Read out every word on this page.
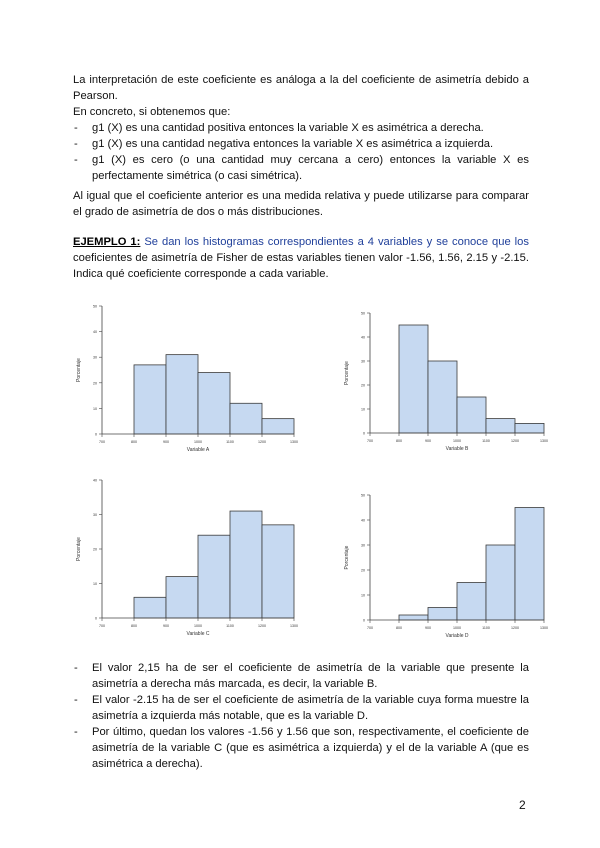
La interpretación de este coeficiente es análoga a la del coeficiente de asimetría debido a Pearson.

En concreto, si obtenemos que:

- g1 (X) es una cantidad positiva entonces la variable X es asimétrica a derecha.
- g1 (X) es una cantidad negativa entonces la variable X es asimétrica a izquierda.
- g1 (X) es cero (o una cantidad muy cercana a cero) entonces la variable X es perfectamente simétrica (o casi simétrica).

Al igual que el coeficiente anterior es una medida relativa y puede utilizarse para comparar el grado de asimetría de dos o más distribuciones.

EJEMPLO 1: Se dan los histogramas correspondientes a 4 variables y se conoce que los coeficientes de asimetría de Fisher de estas variables tienen valor -1.56, 1.56, 2.15 y -2.15. Indica qué coeficiente corresponde a cada variable.

0
10
20
30
40
50
700	800	900	1000	1100	1200	1300
Variable A
Porcentaje
0
10
20
30
40
50
700	800	900	1000	1100	1200	1300
Variable B
Porcentaje
0
10
20
30
40
700	800	900	1000	1100	1200	1300
Variable C
Porcentaje
0
10
20
30
40
50
700	800	900	1000	1100	1200	1300
Variable D
Porcentaje
- El valor 2,15 ha de ser el coeficiente de asimetría de la variable que presente la asimetría a derecha más marcada, es decir, la variable B.
- El valor -2.15 ha de ser el coeficiente de asimetría de la variable cuya forma muestre la asimetría a izquierda más notable, que es la variable D.
- Por último, quedan los valores -1.56 y 1.56 que son, respectivamente, el coeficiente de asimetría de la variable C (que es asimétrica a izquierda) y el de la variable A (que es asimétrica a derecha).
2
